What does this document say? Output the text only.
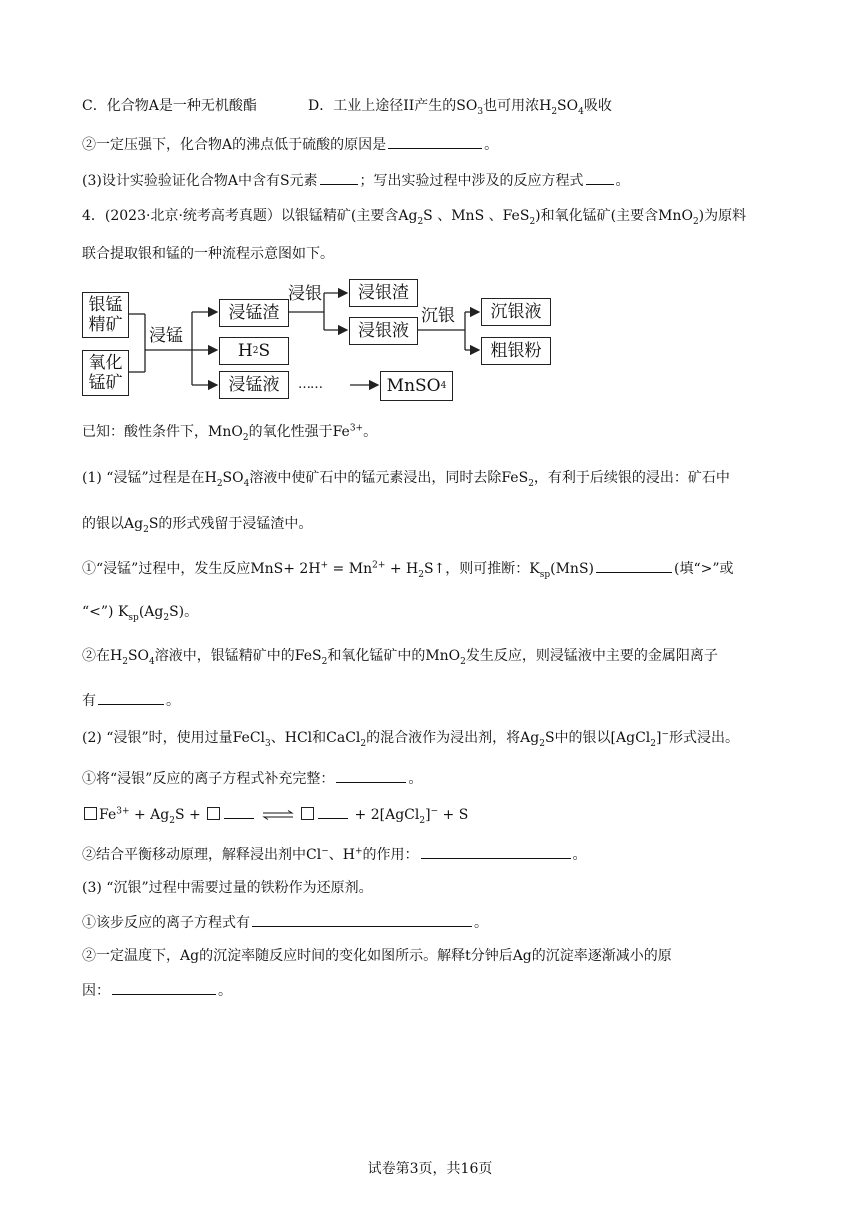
C．化合物A是一种无机酸酯	D．工业上途径II产生的$SO_3$也可用浓$H_2SO_4$吸收
②一定压强下，化合物A的沸点低于硫酸的原因是	。
(3)设计实验验证化合物A中含有S元素	；写出实验过程中涉及的反应方程式 。
4．(2023·北京·统考高考真题）以银锰精矿(主要含$Ag_2S$ 、MnS 、FeS$_2$)和氧化锰矿(主要含MnO$_2$)为原料
联合提取银和锰的一种流程示意图如下。
银锰
精矿
氧化
锰矿
浸锰
浸锰渣
H 2 S
浸锰液	……	MnSO 4
浸银	浸银渣
浸银液
沉银	沉银液
粗银粉
已知：酸性条件下，MnO$_2$的氧化性强于$Fe^{3+}$。
(1) “浸锰”过程是在$H_2SO_4$溶液中使矿石中的锰元素浸出，同时去除FeS$_2$，有利于后续银的浸出：矿石中
的银以$Ag_2S$的形式残留于浸锰渣中。
①“浸锰”过程中，发生反应$MnS+ 2H^+ = Mn^{2+}$ + $H_2S↑$，则可推断：$K_{sp}(MnS)$	(填“>”或
“<”) $K_{sp}(Ag_2S)$。
②在$H_2SO_4$溶液中，银锰精矿中的FeS$_2$和氧化锰矿中的MnO$_2$发生反应，则浸锰液中主要的金属阳离子
有	。
(2) “浸银”时，使用过量FeCl$_3$、HCl和CaCl$_2$的混合液作为浸出剂，将$Ag_2S$中的银以[AgCl$_2$]−形式浸出。
①将“浸银”反应的离子方程式补充完整：	。
$Fe^{3+} + Ag_2S$ +	+ 2[AgCl$_2$]− + S
②结合平衡移动原理，解释浸出剂中Cl−、H+的作用：	。
(3) “沉银”过程中需要过量的铁粉作为还原剂。
①该步反应的离子方程式有	。
②一定温度下，Ag的沉淀率随反应时间的变化如图所示。解释t分钟后Ag的沉淀率逐渐减小的原
因：	。
试卷第3页，共16页
